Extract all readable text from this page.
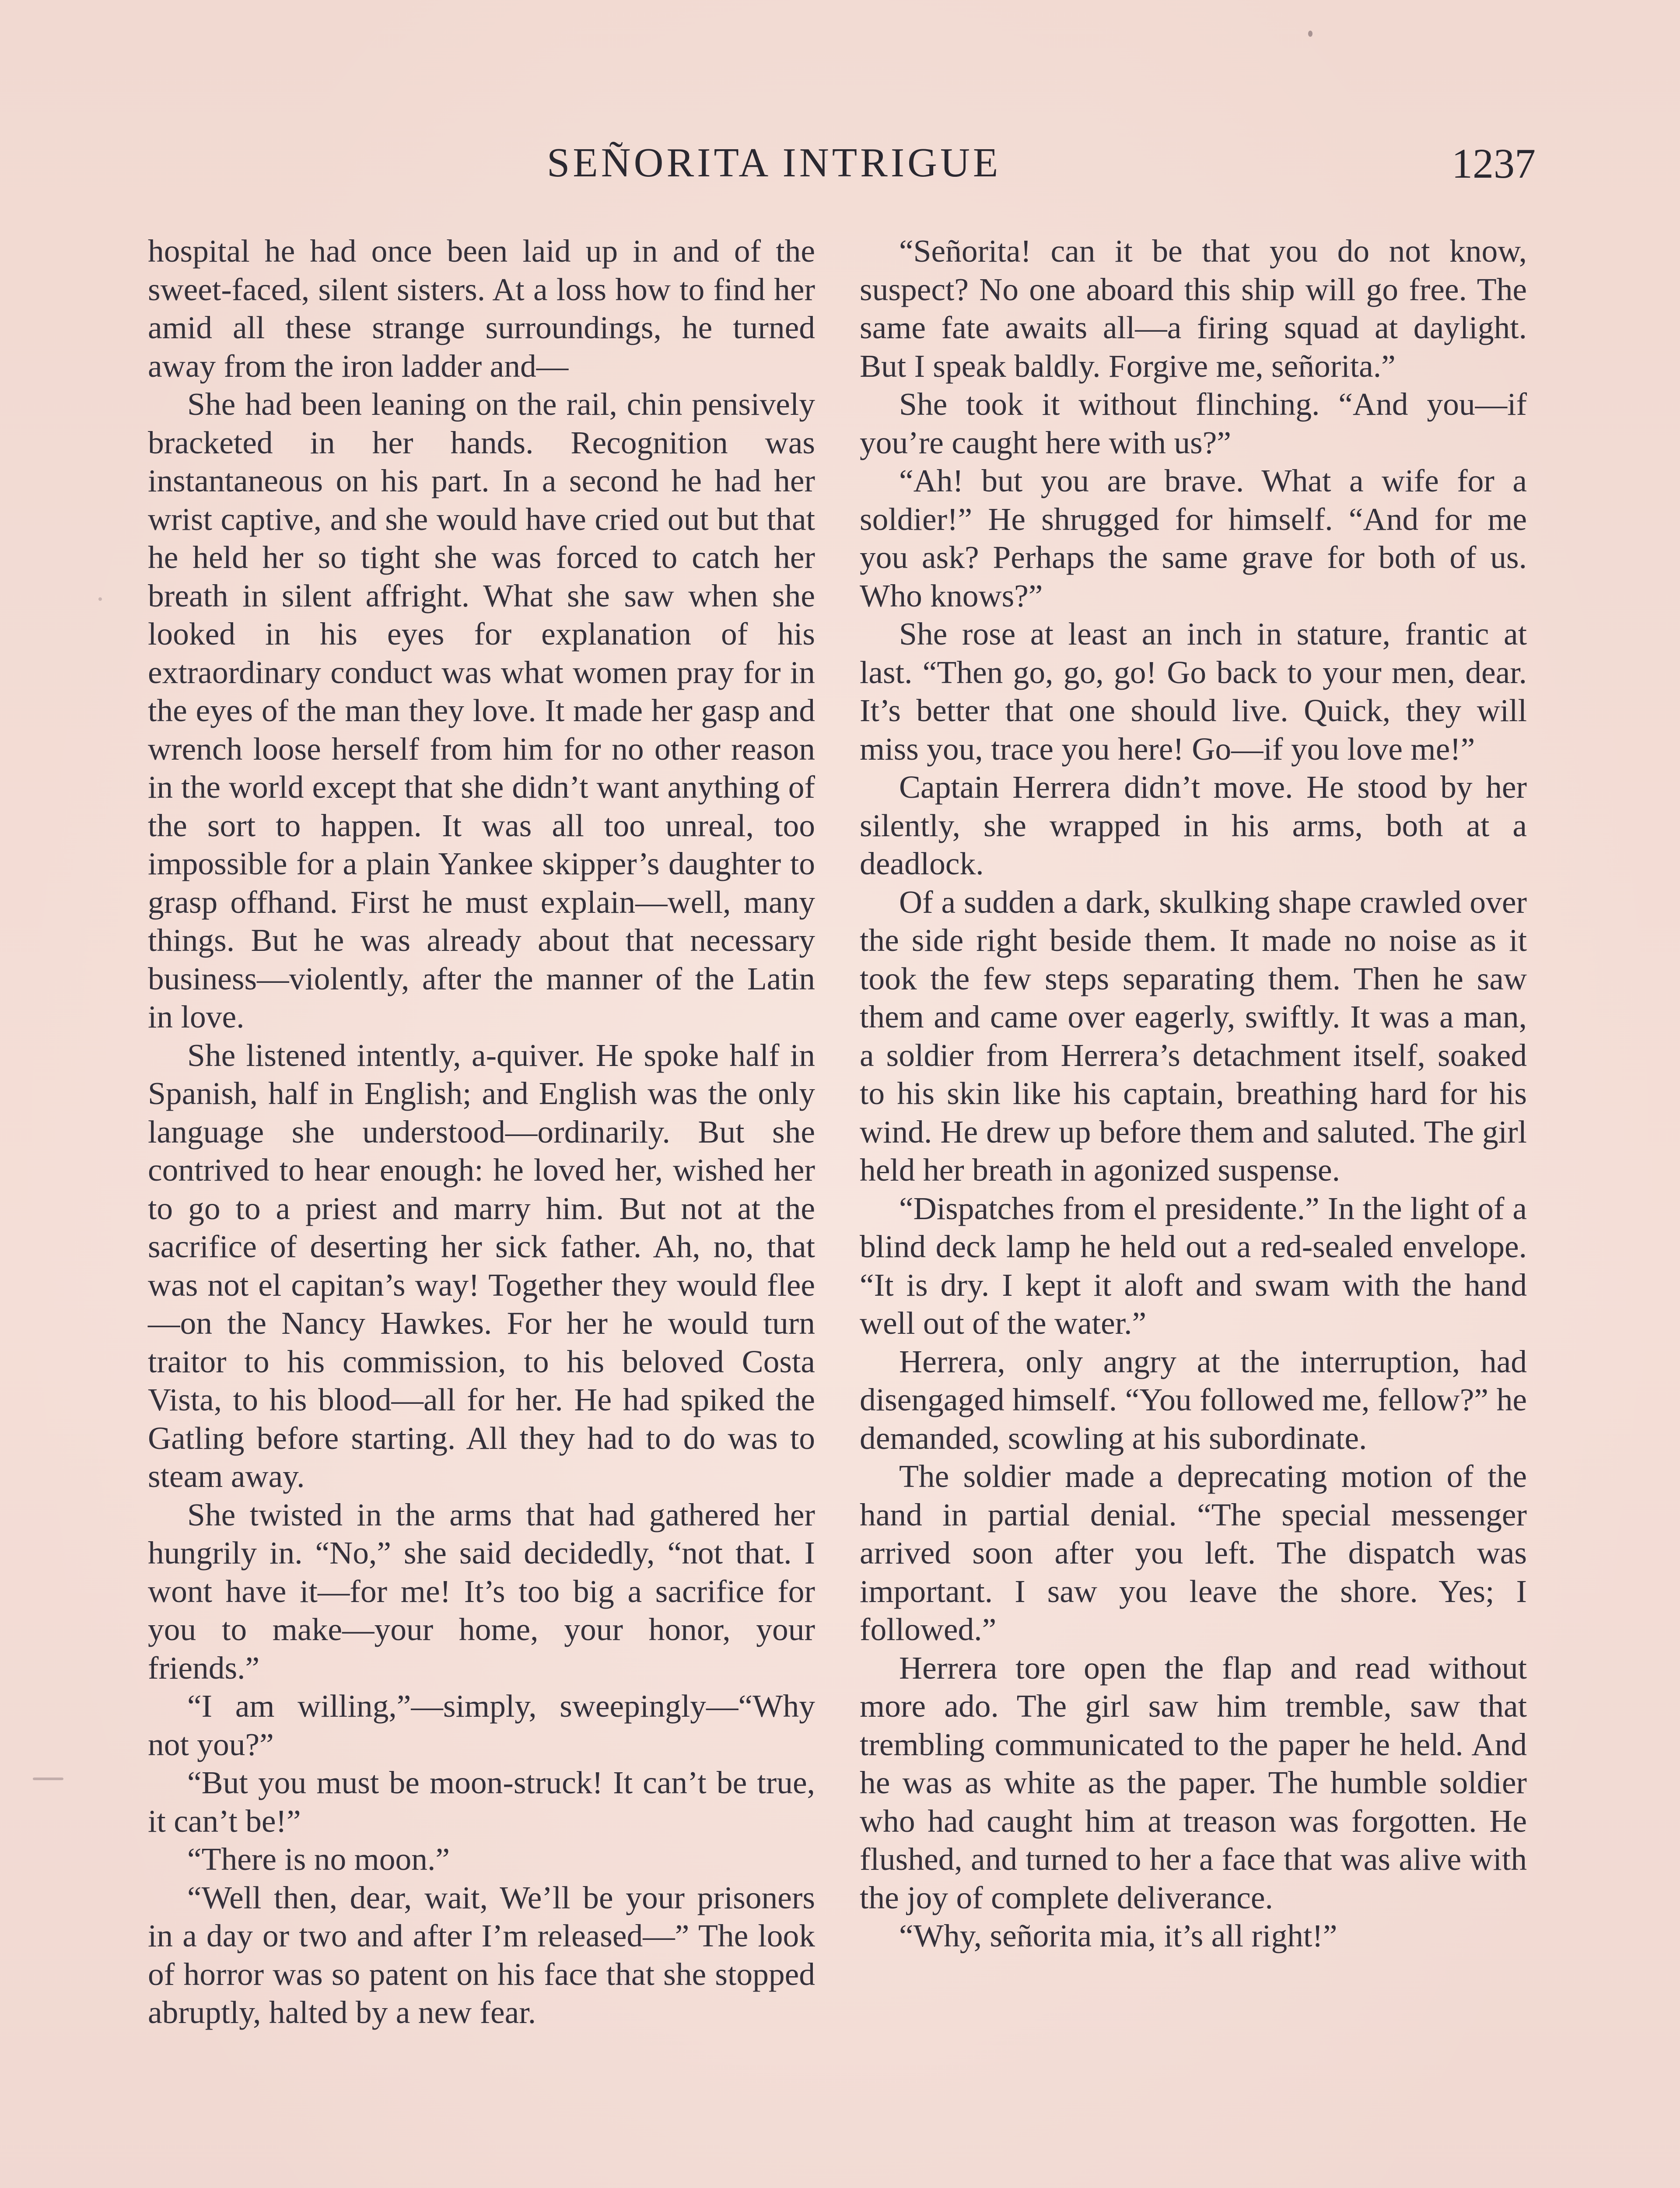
SEÑORITA INTRIGUE	1237

hospital he had once been laid up in and of the sweet-faced, silent sisters. At a loss how to find her amid all these strange surroundings, he turned away from the iron ladder and—

She had been leaning on the rail, chin pensively bracketed in her hands. Recognition was instantaneous on his part. In a second he had her wrist captive, and she would have cried out but that he held her so tight she was forced to catch her breath in silent affright. What she saw when she looked in his eyes for explanation of his extraordinary conduct was what women pray for in the eyes of the man they love. It made her gasp and wrench loose herself from him for no other reason in the world except that she didn’t want anything of the sort to happen. It was all too unreal, too impossible for a plain Yankee skipper’s daughter to grasp offhand. First he must explain—well, many things. But he was already about that necessary business—violently, after the manner of the Latin in love.

She listened intently, a-quiver. He spoke half in Spanish, half in English; and English was the only language she understood—ordinarily. But she contrived to hear enough: he loved her, wished her to go to a priest and marry him. But not at the sacrifice of deserting her sick father. Ah, no, that was not el capitan’s way! Together they would flee—on the Nancy Hawkes. For her he would turn traitor to his commission, to his beloved Costa Vista, to his blood—all for her. He had spiked the Gatling before starting. All they had to do was to steam away.

She twisted in the arms that had gathered her hungrily in. “No,” she said decidedly, “not that. I wont have it—for me! It’s too big a sacrifice for you to make—your home, your honor, your friends.”

“I am willing,”—simply, sweepingly—“Why not you?”

“But you must be moon-struck! It can’t be true, it can’t be!”

“There is no moon.”

“Well then, dear, wait, We’ll be your prisoners in a day or two and after I’m released—” The look of horror was so patent on his face that she stopped abruptly, halted by a new fear.

“Señorita! can it be that you do not know, suspect? No one aboard this ship will go free. The same fate awaits all—a firing squad at daylight. But I speak baldly. Forgive me, señorita.”

She took it without flinching. “And you—if you’re caught here with us?”

“Ah! but you are brave. What a wife for a soldier!” He shrugged for himself. “And for me you ask? Perhaps the same grave for both of us. Who knows?”

She rose at least an inch in stature, frantic at last. “Then go, go, go! Go back to your men, dear. It’s better that one should live. Quick, they will miss you, trace you here! Go—if you love me!”

Captain Herrera didn’t move. He stood by her silently, she wrapped in his arms, both at a deadlock.

Of a sudden a dark, skulking shape crawled over the side right beside them. It made no noise as it took the few steps separating them. Then he saw them and came over eagerly, swiftly. It was a man, a soldier from Herrera’s detachment itself, soaked to his skin like his captain, breathing hard for his wind. He drew up before them and saluted. The girl held her breath in agonized suspense.

“Dispatches from el presidente.” In the light of a blind deck lamp he held out a red-sealed envelope. “It is dry. I kept it aloft and swam with the hand well out of the water.”

Herrera, only angry at the interruption, had disengaged himself. “You followed me, fellow?” he demanded, scowling at his subordinate.

The soldier made a deprecating motion of the hand in partial denial. “The special messenger arrived soon after you left. The dispatch was important. I saw you leave the shore. Yes; I followed.”

Herrera tore open the flap and read without more ado. The girl saw him tremble, saw that trembling communicated to the paper he held. And he was as white as the paper. The humble soldier who had caught him at treason was forgotten. He flushed, and turned to her a face that was alive with the joy of complete deliverance.

“Why, señorita mia, it’s all right!”
